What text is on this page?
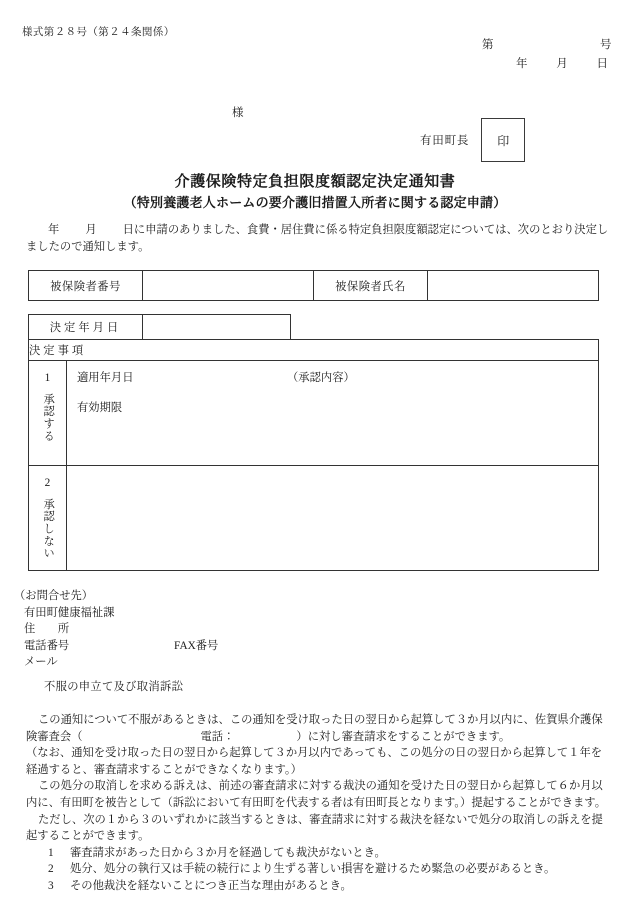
様式第２８号（第２４条関係）
第	号
年	月	日
様
有田町長	印
介護保険特定負担限度額認定決定通知書
（特別養護老人ホームの要介護旧措置入所者に関する認定申請）
年 月 日に申請のありました、食費・居住費に係る特定負担限度額認定については、次のとおり決定し
ましたので通知します。
被保険者番号		被保険者氏名	
決定年月日			
決定事項			

1
承認する	適用年月日 （承認内容）
有効期限		

2
承認しない			

（お問合せ先）
有田町健康福祉課
住　　所
電話番号	FAX番号
メール
不服の申立て及び取消訴訟

この通知について不服があるときは、この通知を受け取った日の翌日から起算して３か月以内に、佐賀県介護保

険審査会（	電話：	）に対し審査請求をすることができます。

（なお、通知を受け取った日の翌日から起算して３か月以内であっても、この処分の日の翌日から起算して１年を

経過すると、審査請求することができなくなります。）

この処分の取消しを求める訴えは、前述の審査請求に対する裁決の通知を受けた日の翌日から起算して６か月以

内に、有田町を被告として（訴訟において有田町を代表する者は有田町長となります。）提起することができます。

ただし、次の１から３のいずれかに該当するときは、審査請求に対する裁決を経ないで処分の取消しの訴えを提

起することができます。

1	審査請求があった日から３か月を経過しても裁決がないとき。

2	処分、処分の執行又は手続の続行により生ずる著しい損害を避けるため緊急の必要があるとき。

3	その他裁決を経ないことにつき正当な理由があるとき。
